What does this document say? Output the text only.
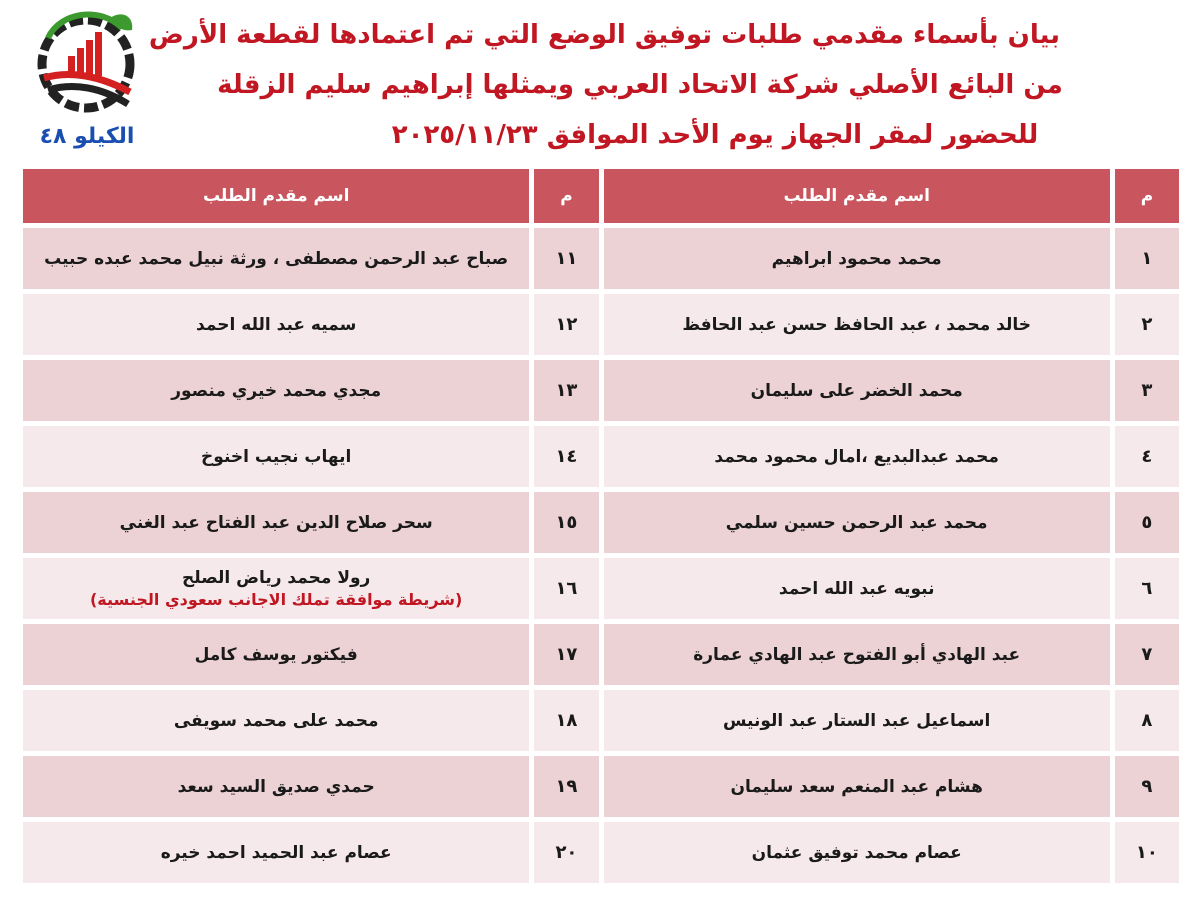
الكيلو ٤٨
بيان بأسماء مقدمي طلبات توفيق الوضع التي تم اعتمادها لقطعة الأرض
من البائع الأصلي شركة الاتحاد العربي ويمثلها إبراهيم سليم الزقلة
للحضور لمقر الجهاز يوم الأحد الموافق ٢٠٢٥/١١/٢٣
م	اسم مقدم الطلب	م	اسم مقدم الطلب
١	محمد محمود ابراهيم	١١	صباح عبد الرحمن مصطفى ، ورثة نبيل محمد عبده حبيب
٢	خالد محمد ، عبد الحافظ حسن عبد الحافظ	١٢	سميه عبد الله احمد
٣	محمد الخضر على سليمان	١٣	مجدي محمد خيري منصور
٤	محمد عبدالبديع ،امال محمود محمد	١٤	ايهاب نجيب اخنوخ
٥	محمد عبد الرحمن حسين سلمي	١٥	سحر صلاح الدين عبد الفتاح عبد الغني
٦	نبويه عبد الله احمد	١٦	رولا محمد رياض الصلح
(شريطة موافقة تملك الاجانب سعودي الجنسية)

٧	عبد الهادي أبو الفتوح عبد الهادي عمارة	١٧	فيكتور يوسف كامل
٨	اسماعيل عبد الستار عبد الونيس	١٨	محمد على محمد سويفى
٩	هشام عبد المنعم سعد سليمان	١٩	حمدي صديق السيد سعد
١٠	عصام محمد توفيق عثمان	٢٠	عصام عبد الحميد احمد خيره
